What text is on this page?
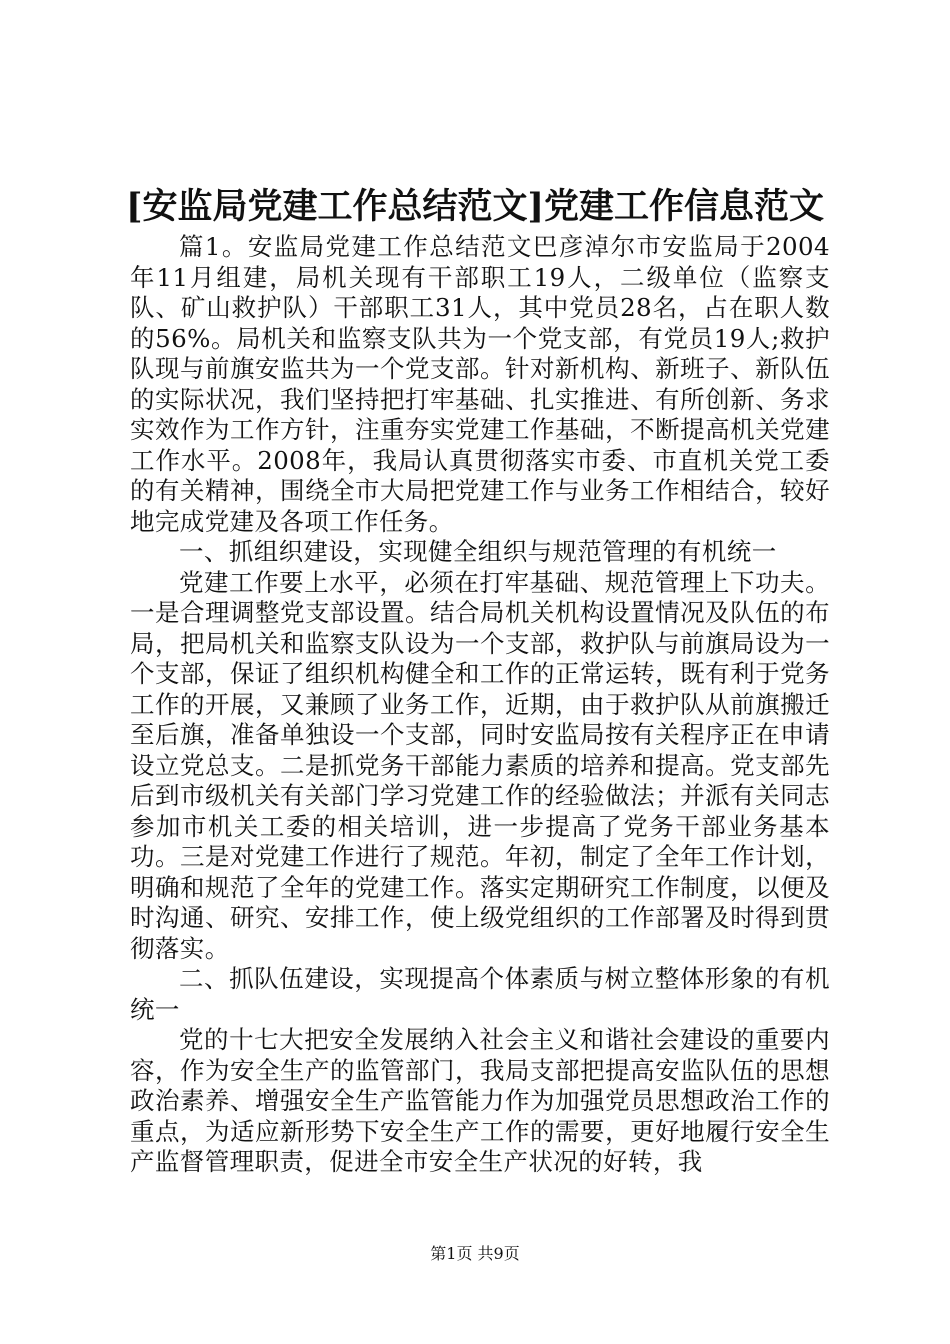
[安监局党建工作总结范文]党建工作信息范文

篇1。安监局党建工作总结范文巴彦淖尔市安监局于2004年11月组建，局机关现有干部职工19人，二级单位（监察支队、矿山救护队）干部职工31人，其中党员28名，占在职人数的56%。局机关和监察支队共为一个党支部，有党员19人;救护队现与前旗安监共为一个党支部。针对新机构、新班子、新队伍的实际状况，我们坚持把打牢基础、扎实推进、有所创新、务求实效作为工作方针，注重夯实党建工作基础，不断提高机关党建工作水平。2008年，我局认真贯彻落实市委、市直机关党工委的有关精神，围绕全市大局把党建工作与业务工作相结合，较好地完成党建及各项工作任务。

一、抓组织建设，实现健全组织与规范管理的有机统一

党建工作要上水平，必须在打牢基础、规范管理上下功夫。一是合理调整党支部设置。结合局机关机构设置情况及队伍的布局，把局机关和监察支队设为一个支部，救护队与前旗局设为一个支部，保证了组织机构健全和工作的正常运转，既有利于党务工作的开展，又兼顾了业务工作，近期，由于救护队从前旗搬迁至后旗，准备单独设一个支部，同时安监局按有关程序正在申请设立党总支。二是抓党务干部能力素质的培养和提高。党支部先后到市级机关有关部门学习党建工作的经验做法；并派有关同志参加市机关工委的相关培训，进一步提高了党务干部业务基本功。三是对党建工作进行了规范。年初，制定了全年工作计划，明确和规范了全年的党建工作。落实定期研究工作制度，以便及时沟通、研究、安排工作，使上级党组织的工作部署及时得到贯彻落实。

二、抓队伍建设，实现提高个体素质与树立整体形象的有机统一

党的十七大把安全发展纳入社会主义和谐社会建设的重要内容，作为安全生产的监管部门，我局支部把提高安监队伍的思想政治素养、增强安全生产监管能力作为加强党员思想政治工作的重点，为适应新形势下安全生产工作的需要，更好地履行安全生产监督管理职责，促进全市安全生产状况的好转，我

第1页 共9页
